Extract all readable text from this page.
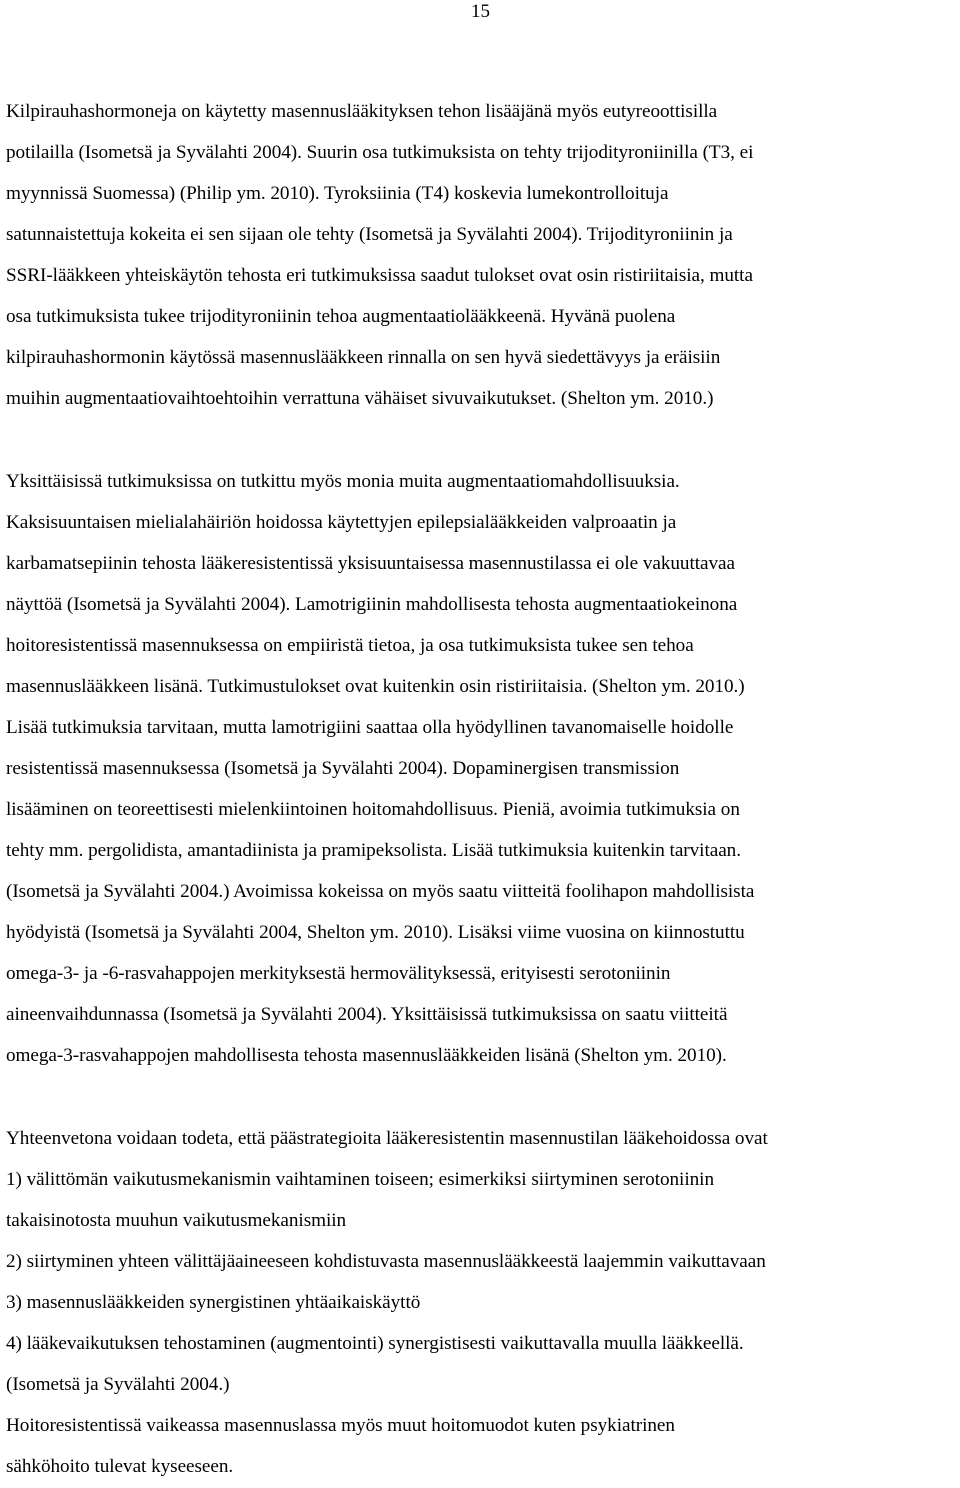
15
Kilpirauhashormoneja on käytetty masennuslääkityksen tehon lisääjänä myös eutyreoottisilla
potilailla (Isometsä ja Syvälahti 2004). Suurin osa tutkimuksista on tehty trijodityroniinilla (T3, ei
myynnissä Suomessa) (Philip ym. 2010). Tyroksiinia (T4) koskevia lumekontrolloituja
satunnaistettuja kokeita ei sen sijaan ole tehty (Isometsä ja Syvälahti 2004). Trijodityroniinin ja
SSRI-lääkkeen yhteiskäytön tehosta eri tutkimuksissa saadut tulokset ovat osin ristiriitaisia, mutta
osa tutkimuksista tukee trijodityroniinin tehoa augmentaatiolääkkeenä. Hyvänä puolena
kilpirauhashormonin käytössä masennuslääkkeen rinnalla on sen hyvä siedettävyys ja eräisiin
muihin augmentaatiovaihtoehtoihin verrattuna vähäiset sivuvaikutukset. (Shelton ym. 2010.)
Yksittäisissä tutkimuksissa on tutkittu myös monia muita augmentaatiomahdollisuuksia.
Kaksisuuntaisen mielialahäiriön hoidossa käytettyjen epilepsialääkkeiden valproaatin ja
karbamatsepiinin tehosta lääkeresistentissä yksisuuntaisessa masennustilassa ei ole vakuuttavaa
näyttöä (Isometsä ja Syvälahti 2004). Lamotrigiinin mahdollisesta tehosta augmentaatiokeinona
hoitoresistentissä masennuksessa on empiiristä tietoa, ja osa tutkimuksista tukee sen tehoa
masennuslääkkeen lisänä. Tutkimustulokset ovat kuitenkin osin ristiriitaisia. (Shelton ym. 2010.)
Lisää tutkimuksia tarvitaan, mutta lamotrigiini saattaa olla hyödyllinen tavanomaiselle hoidolle
resistentissä masennuksessa (Isometsä ja Syvälahti 2004). Dopaminergisen transmission
lisääminen on teoreettisesti mielenkiintoinen hoitomahdollisuus. Pieniä, avoimia tutkimuksia on
tehty mm. pergolidista, amantadiinista ja pramipeksolista. Lisää tutkimuksia kuitenkin tarvitaan.
(Isometsä ja Syvälahti 2004.) Avoimissa kokeissa on myös saatu viitteitä foolihapon mahdollisista
hyödyistä (Isometsä ja Syvälahti 2004, Shelton ym. 2010). Lisäksi viime vuosina on kiinnostuttu
omega-3- ja -6-rasvahappojen merkityksestä hermovälityksessä, erityisesti serotoniinin
aineenvaihdunnassa (Isometsä ja Syvälahti 2004). Yksittäisissä tutkimuksissa on saatu viitteitä
omega-3-rasvahappojen mahdollisesta tehosta masennuslääkkeiden lisänä (Shelton ym. 2010).
Yhteenvetona voidaan todeta, että päästrategioita lääkeresistentin masennustilan lääkehoidossa ovat
1) välittömän vaikutusmekanismin vaihtaminen toiseen; esimerkiksi siirtyminen serotoniinin
takaisinotosta muuhun vaikutusmekanismiin
2) siirtyminen yhteen välittäjäaineeseen kohdistuvasta masennuslääkkeestä laajemmin vaikuttavaan
3) masennuslääkkeiden synergistinen yhtäaikaiskäyttö
4) lääkevaikutuksen tehostaminen (augmentointi) synergistisesti vaikuttavalla muulla lääkkeellä.
(Isometsä ja Syvälahti 2004.)
Hoitoresistentissä vaikeassa masennuslassa myös muut hoitomuodot kuten psykiatrinen
sähköhoito tulevat kyseeseen.
